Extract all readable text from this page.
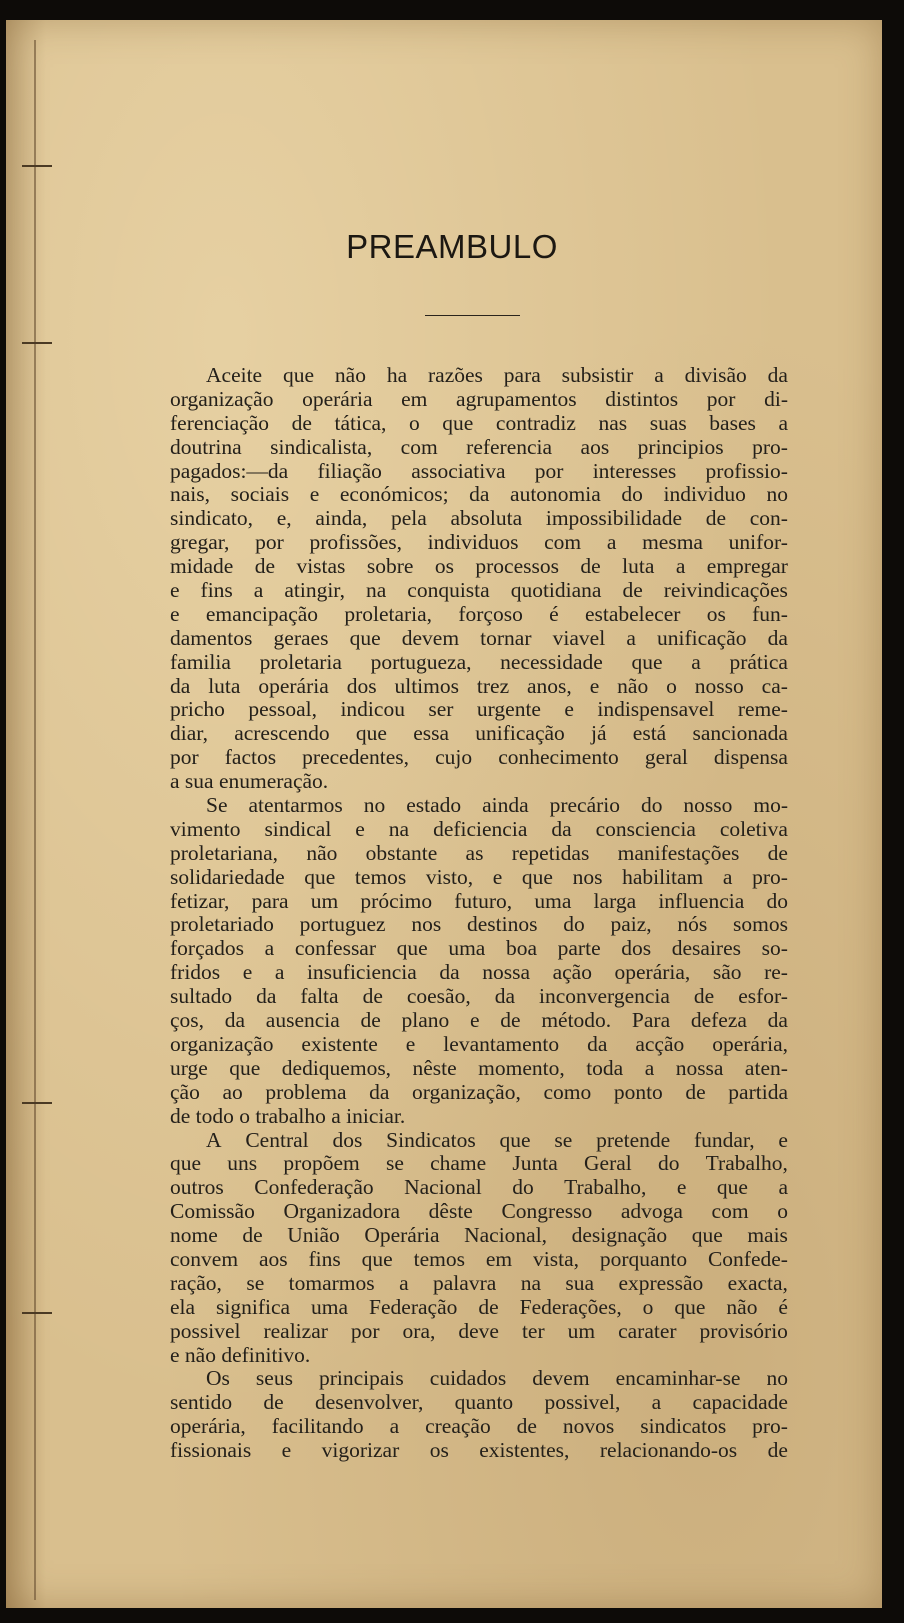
PREAMBULO
Aceite que não ha razões para subsistir a divisão da
organização operária em agrupamentos distintos por di-
ferenciação de tática, o que contradiz nas suas bases a
doutrina sindicalista, com referencia aos principios pro-
pagados:—da filiação associativa por interesses profissio-
nais, sociais e económicos; da autonomia do individuo no
sindicato, e, ainda, pela absoluta impossibilidade de con-
gregar, por profissões, individuos com a mesma unifor-
midade de vistas sobre os processos de luta a empregar
e fins a atingir, na conquista quotidiana de reivindicações
e emancipação proletaria, forçoso é estabelecer os fun-
damentos geraes que devem tornar viavel a unificação da
familia proletaria portugueza, necessidade que a prática
da luta operária dos ultimos trez anos, e não o nosso ca-
pricho pessoal, indicou ser urgente e indispensavel reme-
diar, acrescendo que essa unificação já está sancionada
por factos precedentes, cujo conhecimento geral dispensa
a sua enumeração.
Se atentarmos no estado ainda precário do nosso mo-
vimento sindical e na deficiencia da consciencia coletiva
proletariana, não obstante as repetidas manifestações de
solidariedade que temos visto, e que nos habilitam a pro-
fetizar, para um prócimo futuro, uma larga influencia do
proletariado portuguez nos destinos do paiz, nós somos
forçados a confessar que uma boa parte dos desaires so-
fridos e a insuficiencia da nossa ação operária, são re-
sultado da falta de coesão, da inconvergencia de esfor-
ços, da ausencia de plano e de método. Para defeza da
organização existente e levantamento da acção operária,
urge que dediquemos, nêste momento, toda a nossa aten-
ção ao problema da organização, como ponto de partida
de todo o trabalho a iniciar.
A Central dos Sindicatos que se pretende fundar, e
que uns propõem se chame Junta Geral do Trabalho,
outros Confederação Nacional do Trabalho, e que a
Comissão Organizadora dêste Congresso advoga com o
nome de União Operária Nacional, designação que mais
convem aos fins que temos em vista, porquanto Confede-
ração, se tomarmos a palavra na sua expressão exacta,
ela significa uma Federação de Federações, o que não é
possivel realizar por ora, deve ter um carater provisório
e não definitivo.
Os seus principais cuidados devem encaminhar-se no
sentido de desenvolver, quanto possivel, a capacidade
operária, facilitando a creação de novos sindicatos pro-
fissionais e vigorizar os existentes, relacionando-os de
